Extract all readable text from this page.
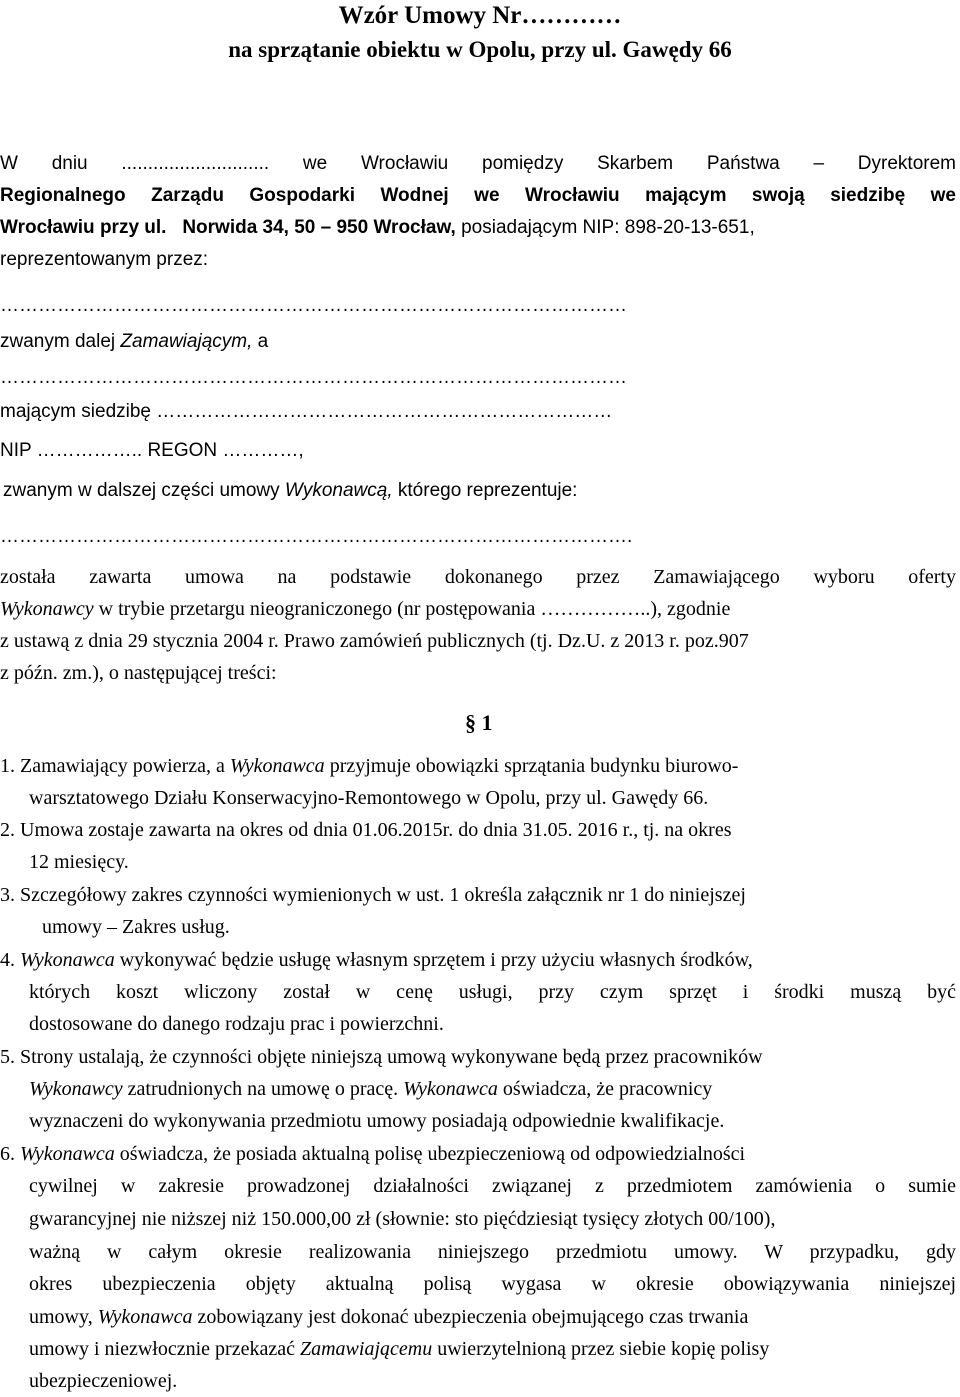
Wzór Umowy Nr…………
na sprzątanie obiektu w Opolu, przy ul. Gawędy 66
W dniu ............................ we Wrocławiu pomiędzy Skarbem Państwa – Dyrektorem
Regionalnego Zarządu Gospodarki Wodnej we Wrocławiu mającym swoją siedzibę we
Wrocławiu przy ul. Norwida 34, 50 – 950 Wrocław, posiadającym NIP: 898-20-13-651,
reprezentowanym przez:
………………………………………………………………………………………
zwanym dalej Zamawiającym, a
………………………………………………………………………………………
mającym siedzibę ………………………………………………………………
NIP …………….. REGON …………,
zwanym w dalszej części umowy Wykonawcą, którego reprezentuje:
……………………………………………………………………………………….
została zawarta umowa na podstawie dokonanego przez Zamawiającego wyboru oferty
Wykonawcy w trybie przetargu nieograniczonego (nr postępowania ……………..), zgodnie
z ustawą z dnia 29 stycznia 2004 r. Prawo zamówień publicznych (tj. Dz.U. z 2013 r. poz.907
z późn. zm.), o następującej treści:
§ 1
1. Zamawiający powierza, a Wykonawca przyjmuje obowiązki sprzątania budynku biurowo-
warsztatowego Działu Konserwacyjno-Remontowego w Opolu, przy ul. Gawędy 66.
2. Umowa zostaje zawarta na okres od dnia 01.06.2015r. do dnia 31.05. 2016 r., tj. na okres
12 miesięcy.
3. Szczegółowy zakres czynności wymienionych w ust. 1 określa załącznik nr 1 do niniejszej
umowy – Zakres usług.
4. Wykonawca wykonywać będzie usługę własnym sprzętem i przy użyciu własnych środków,
których koszt wliczony został w cenę usługi, przy czym sprzęt i środki muszą być
dostosowane do danego rodzaju prac i powierzchni.
5. Strony ustalają, że czynności objęte niniejszą umową wykonywane będą przez pracowników
Wykonawcy zatrudnionych na umowę o pracę. Wykonawca oświadcza, że pracownicy
wyznaczeni do wykonywania przedmiotu umowy posiadają odpowiednie kwalifikacje.
6. Wykonawca oświadcza, że posiada aktualną polisę ubezpieczeniową od odpowiedzialności
cywilnej w zakresie prowadzonej działalności związanej z przedmiotem zamówienia o sumie
gwarancyjnej nie niższej niż 150.000,00 zł (słownie: sto pięćdziesiąt tysięcy złotych 00/100),
ważną w całym okresie realizowania niniejszego przedmiotu umowy. W przypadku, gdy
okres ubezpieczenia objęty aktualną polisą wygasa w okresie obowiązywania niniejszej
umowy, Wykonawca zobowiązany jest dokonać ubezpieczenia obejmującego czas trwania
umowy i niezwłocznie przekazać Zamawiającemu uwierzytelnioną przez siebie kopię polisy
ubezpieczeniowej.
